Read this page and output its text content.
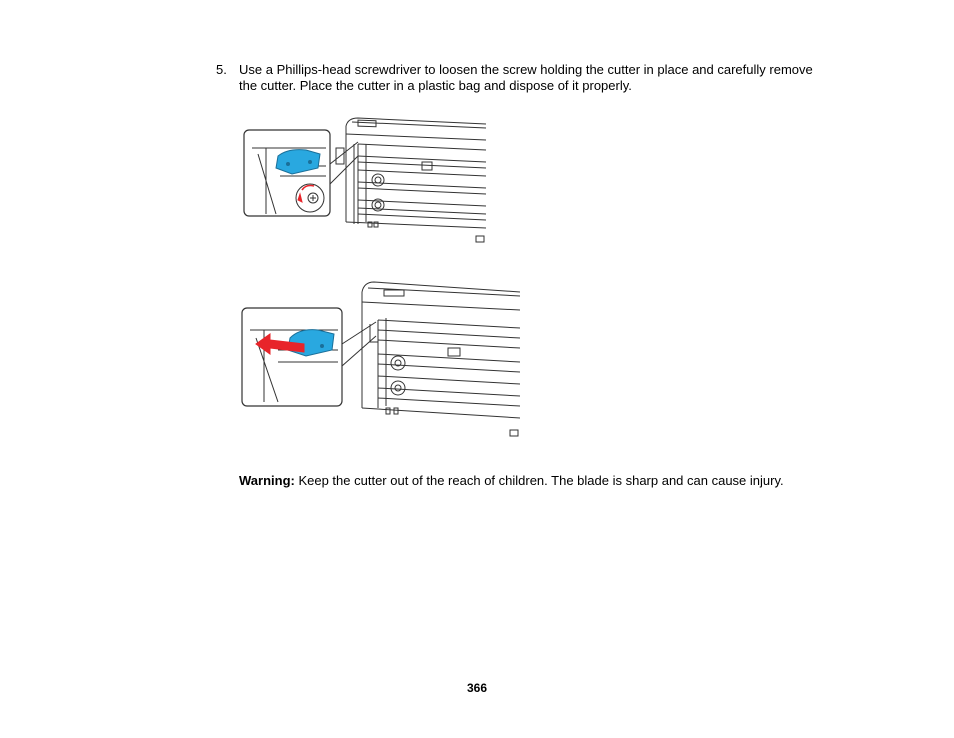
5. Use a Phillips-head screwdriver to loosen the screw holding the cutter in place and carefully remove the cutter. Place the cutter in a plastic bag and dispose of it properly.
Warning: Keep the cutter out of the reach of children. The blade is sharp and can cause injury.
366
